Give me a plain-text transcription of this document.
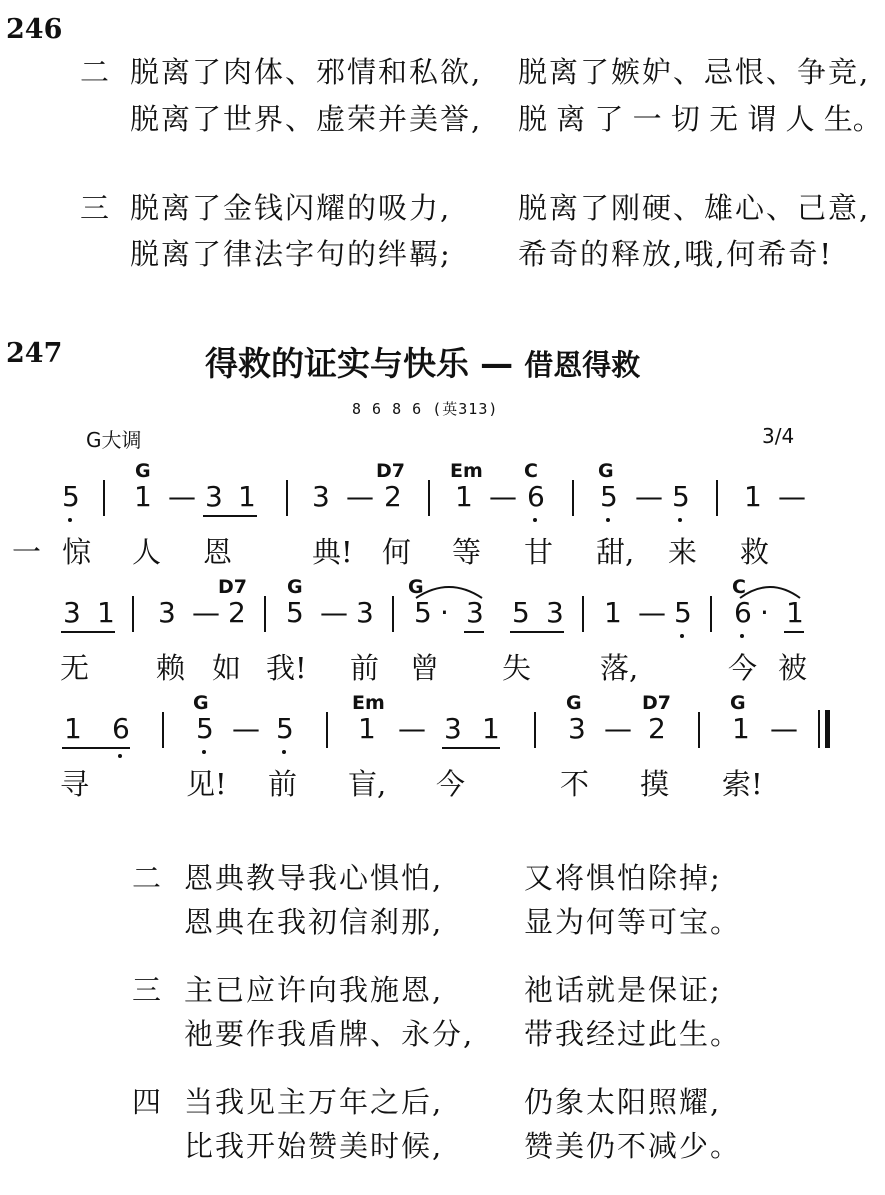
246
二 脱离了肉体、邪情和私欲, 脱离了嫉妒、忌恨、争竞,
脱离了世界、虚荣并美誉, 脱 离 了 一 切 无 谓 人 生。
三 脱离了金钱闪耀的吸力, 脱离了刚硬、雄心、己意,
脱离了律法字句的绊羁; 希奇的释放,哦,何希奇!
247	得救的证实与快乐 — 借恩得救
8 6 8 6 (英313)
G大调	3/4
G	D7 Em C	G
5 1 — 3 1 3 — 2 1 — 6 5 — 5 1 —
一 惊 人 恩	典! 何 等 甘 甜, 来 救
D7 G	G	C
3 1 3 — 2 5 — 3 5 · 3 5 3 1 — 5 6 · 1
无 赖 如 我! 前 曾 失 落,	今 被
G	Em	G	D7	G
1 6 5 — 5 1 — 3 1 3 — 2 1 —
寻	见! 前 盲, 今	不 摸 索!
二 恩典教导我心惧怕,	又将惧怕除掉;
恩典在我初信刹那,	显为何等可宝。
三 主已应许向我施恩,	祂话就是保证;
祂要作我盾牌、永分, 带我经过此生。
四 当我见主万年之后,	仍象太阳照耀,
比我开始赞美时候,	赞美仍不减少。
